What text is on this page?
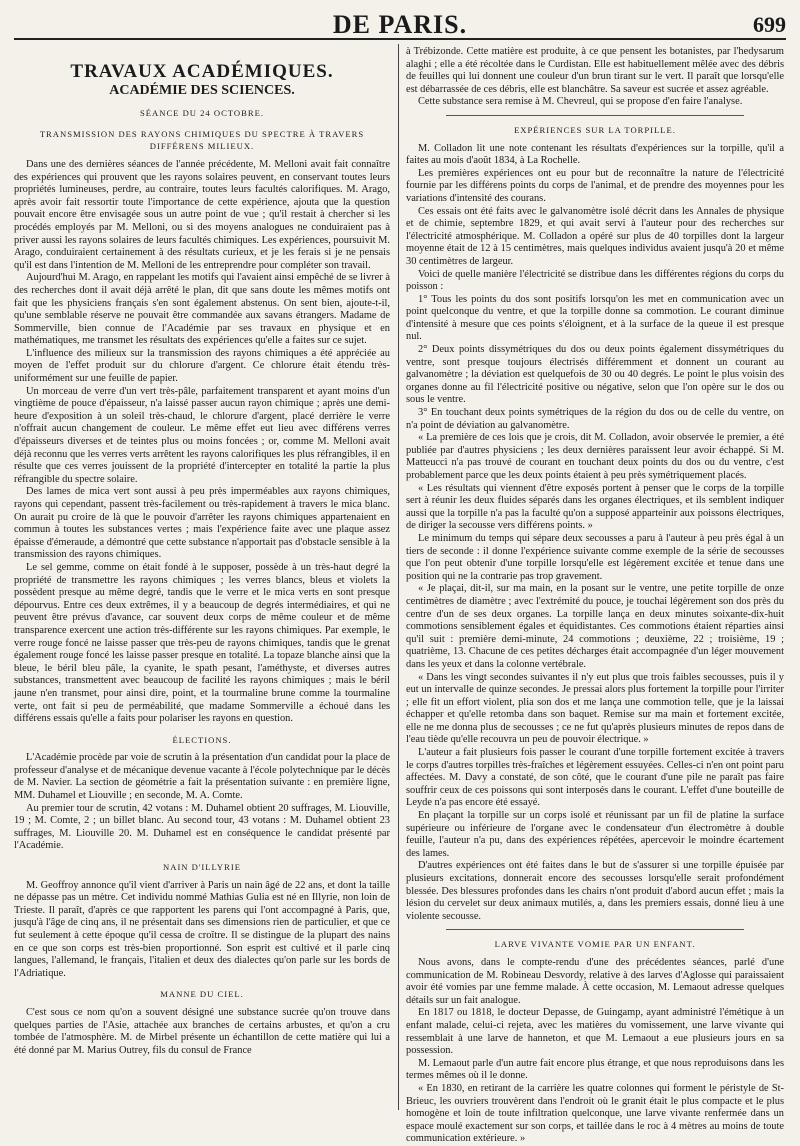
DE PARIS.	699
TRAVAUX ACADÉMIQUES.
ACADÉMIE DES SCIENCES.
SÉANCE DU 24 OCTOBRE.
TRANSMISSION DES RAYONS CHIMIQUES DU SPECTRE À TRAVERS DIFFÉRENS MILIEUX.

Dans une des dernières séances de l'année précédente, M. Melloni avait fait connaître des expériences qui prouvent que les rayons solaires peuvent, en conservant toutes leurs propriétés lumineuses, perdre, au contraire, toutes leurs facultés calorifiques. M. Arago, après avoir fait ressortir toute l'importance de cette expérience, ajouta que la question pouvait encore être envisagée sous un autre point de vue ; qu'il restait à chercher si les procédés employés par M. Melloni, ou si des moyens analogues ne conduiraient pas à priver aussi les rayons solaires de leurs facultés chimiques. Les expériences, poursuivit M. Arago, conduiraient certainement à des résultats curieux, et je les ferais si je ne pensais qu'il est dans l'intention de M. Melloni de les entreprendre pour compléter son travail.

Aujourd'hui M. Arago, en rappelant les motifs qui l'avaient ainsi empêché de se livrer à des recherches dont il avait déjà arrêté le plan, dit que sans doute les mêmes motifs ont fait que les physiciens français s'en sont également abstenus. On sent bien, ajoute-t-il, qu'une semblable réserve ne pouvait être commandée aux savans étrangers. Madame de Sommerville, bien connue de l'Académie par ses travaux en physique et en mathématiques, me transmet les résultats des expériences qu'elle a faites sur ce sujet.

L'influence des milieux sur la transmission des rayons chimiques a été appréciée au moyen de l'effet produit sur du chlorure d'argent. Ce chlorure était étendu très-uniformément sur une feuille de papier.

Un morceau de verre d'un vert très-pâle, parfaitement transparent et ayant moins d'un vingtième de pouce d'épaisseur, n'a laissé passer aucun rayon chimique ; après une demi-heure d'exposition à un soleil très-chaud, le chlorure d'argent, placé derrière le verre n'offrait aucun changement de couleur. Le même effet eut lieu avec différens verres d'épaisseurs diverses et de teintes plus ou moins foncées ; or, comme M. Melloni avait déjà reconnu que les verres verts arrêtent les rayons calorifiques les plus réfrangibles, il en résulte que ces verres jouissent de la propriété d'intercepter en totalité la partie la plus réfrangible du spectre solaire.

Des lames de mica vert sont aussi à peu près imperméables aux rayons chimiques, rayons qui cependant, passent très-facilement ou très-rapidement à travers le mica blanc. On aurait pu croire de là que le pouvoir d'arrêter les rayons chimiques appartenaient en commun à toutes les substances vertes ; mais l'expérience faite avec une plaque assez épaisse d'émeraude, a démontré que cette substance n'apportait pas d'obstacle sensible à la transmission des rayons chimiques.

Le sel gemme, comme on était fondé à le supposer, possède à un très-haut degré la propriété de transmettre les rayons chimiques ; les verres blancs, bleus et violets la possèdent presque au même degré, tandis que le verre et le mica verts en sont presque dépourvus. Entre ces deux extrêmes, il y a beaucoup de degrés intermédiaires, et qui ne peuvent être prévus d'avance, car souvent deux corps de même couleur et de même transparence exercent une action très-différente sur les rayons chimiques. Par exemple, le verre rouge foncé ne laisse passer que très-peu de rayons chimiques, tandis que le grenat également rouge foncé les laisse passer presque en totalité. La topaze blanche ainsi que la bleue, le béril bleu pâle, la cyanite, le spath pesant, l'améthyste, et diverses autres substances, transmettent avec beaucoup de facilité les rayons chimiques ; mais le béril jaune n'en transmet, pour ainsi dire, point, et la tourmaline brune comme la tourmaline verte, ont fait si peu de perméabilité, que madame Sommerville a échoué dans les différens essais qu'elle a faits pour polariser les rayons en question.

ÉLECTIONS.

L'Académie procède par voie de scrutin à la présentation d'un candidat pour la place de professeur d'analyse et de mécanique devenue vacante à l'école polytechnique par le décès de M. Navier. La section de géométrie a fait la présentation suivante : en première ligne, MM. Duhamel et Liouville ; en seconde, M. A. Comte.

Au premier tour de scrutin, 42 votans : M. Duhamel obtient 20 suffrages, M. Liouville, 19 ; M. Comte, 2 ; un billet blanc. Au second tour, 43 votans : M. Duhamel obtient 23 suffrages, M. Liouville 20. M. Duhamel est en conséquence le candidat présenté par l'Académie.

NAIN D'ILLYRIE

M. Geoffroy annonce qu'il vient d'arriver à Paris un nain âgé de 22 ans, et dont la taille ne dépasse pas un mètre. Cet individu nommé Mathias Gulia est né en Illyrie, non loin de Trieste. Il paraît, d'après ce que rapportent les parens qui l'ont accompagné à Paris, que, jusqu'à l'âge de cinq ans, il ne présentait dans ses dimensions rien de particulier, et que ce fut seulement à cette époque qu'il cessa de croître. Il se distingue de la plupart des nains en ce que son corps est très-bien proportionné. Son esprit est cultivé et il parle cinq langues, l'allemand, le français, l'italien et deux des dialectes qu'on parle sur les bords de l'Adriatique.

MANNE DU CIEL.

C'est sous ce nom qu'on a souvent désigné une substance sucrée qu'on trouve dans quelques parties de l'Asie, attachée aux branches de certains arbustes, et qu'on a cru tombée de l'atmosphère. M. de Mirbel présente un échantillon de cette matière qui lui a été donné par M. Marius Outrey, fils du consul de France

à Trébizonde. Cette matière est produite, à ce que pensent les botanistes, par l'hedysarum alaghi ; elle a été récoltée dans le Curdistan. Elle est habituellement mêlée avec des débris de feuilles qui lui donnent une couleur d'un brun tirant sur le vert. Il paraît que lorsqu'elle est débarrassée de ces débris, elle est blanchâtre. Sa saveur est sucrée et assez agréable.

Cette substance sera remise à M. Chevreul, qui se propose d'en faire l'analyse.

EXPÉRIENCES SUR LA TORPILLE.

M. Colladon lit une note contenant les résultats d'expériences sur la torpille, qu'il a faites au mois d'août 1834, à La Rochelle.

Les premières expériences ont eu pour but de reconnaître la nature de l'électricité fournie par les différens points du corps de l'animal, et de prendre des moyennes pour les variations d'intensité des courans.

Ces essais ont été faits avec le galvanomètre isolé décrit dans les Annales de physique et de chimie, septembre 1829, et qui avait servi à l'auteur pour des recherches sur l'électricité atmosphérique. M. Colladon a opéré sur plus de 40 torpilles dont la largeur moyenne était de 12 à 15 centimètres, mais quelques individus avaient jusqu'à 20 et même 30 centimètres de largeur.

Voici de quelle manière l'électricité se distribue dans les différentes régions du corps du poisson :

1° Tous les points du dos sont positifs lorsqu'on les met en communication avec un point quelconque du ventre, et que la torpille donne sa commotion. Le courant diminue d'intensité à mesure que ces points s'éloignent, et à la surface de la queue il est presque nul.

2° Deux points dissymétriques du dos ou deux points également dissymétriques du ventre, sont presque toujours électrisés différemment et donnent un courant au galvanomètre ; la déviation est quelquefois de 30 ou 40 degrés. Le point le plus voisin des organes donne au fil l'électricité positive ou négative, selon que l'on opère sur le dos ou sous le ventre.

3° En touchant deux points symétriques de la région du dos ou de celle du ventre, on n'a point de déviation au galvanomètre.

« La première de ces lois que je crois, dit M. Colladon, avoir observée le premier, a été publiée par d'autres physiciens ; les deux dernières paraissent leur avoir échappé. Si M. Matteucci n'a pas trouvé de courant en touchant deux points du dos ou du ventre, c'est probablement parce que les deux points étaient à peu près symétriquement placés.

« Les résultats qui viennent d'être exposés portent à penser que le corps de la torpille sert à réunir les deux fluides séparés dans les organes électriques, et ils semblent indiquer aussi que la torpille n'a pas la faculté qu'on a supposé apparteinir aux poissons électriques, de diriger la secousse vers différens points. »

Le minimum du temps qui sépare deux secousses a paru à l'auteur à peu près égal à un tiers de seconde : il donne l'expérience suivante comme exemple de la série de secousses que l'on peut obtenir d'une torpille lorsqu'elle est légèrement excitée et tenue dans une position qui ne la contrarie pas trop gravement.

« Je plaçai, dit-il, sur ma main, en la posant sur le ventre, une petite torpille de onze centimètres de diamètre ; avec l'extrémité du pouce, je touchai légèrement son dos près du centre d'un de ses deux organes. La torpille lança en deux minutes soixante-dix-huit commotions sensiblement égales et équidistantes. Ces commotions étaient réparties ainsi qu'il suit : première demi-minute, 24 commotions ; deuxième, 22 ; troisième, 19 ; quatrième, 13. Chacune de ces petites décharges était accompagnée d'un léger mouvement dans les yeux et dans la colonne vertébrale.

« Dans les vingt secondes suivantes il n'y eut plus que trois faibles secousses, puis il y eut un intervalle de quinze secondes. Je pressai alors plus fortement la torpille pour l'irriter ; elle fit un effort violent, plia son dos et me lança une commotion telle, que je la laissai échapper et qu'elle retomba dans son baquet. Remise sur ma main et fortement excitée, elle ne me donna plus de secousses ; ce ne fut qu'après plusieurs minutes de repos dans de l'eau tiède qu'elle recouvra un peu de pouvoir électrique. »

L'auteur a fait plusieurs fois passer le courant d'une torpille fortement excitée à travers le corps d'autres torpilles très-fraîches et légèrement essuyées. Celles-ci n'en ont point paru affectées. M. Davy a constaté, de son côté, que le courant d'une pile ne paraît pas faire souffrir ceux de ces poissons qui sont interposés dans le courant. L'effet d'une bouteille de Leyde n'a pas encore été essayé.

En plaçant la torpille sur un corps isolé et réunissant par un fil de platine la surface supérieure ou inférieure de l'organe avec le condensateur d'un électromètre à double feuille, l'auteur n'a pu, dans des expériences répétées, apercevoir le moindre écartement des lames.

D'autres expériences ont été faites dans le but de s'assurer si une torpille épuisée par plusieurs excitations, donnerait encore des secousses lorsqu'elle serait profondément blessée. Des blessures profondes dans les chairs n'ont produit d'abord aucun effet ; mais la lésion du cervelet sur deux animaux mutilés, a, dans les premiers essais, donné lieu à une violente secousse.

LARVE VIVANTE VOMIE PAR UN ENFANT.

Nous avons, dans le compte-rendu d'une des précédentes séances, parlé d'une communication de M. Robineau Desvordy, relative à des larves d'Aglosse qui paraissaient avoir été vomies par une femme malade. À cette occasion, M. Lemaout adresse quelques détails sur un fait analogue.

En 1817 ou 1818, le docteur Depasse, de Guingamp, ayant administré l'émétique à un enfant malade, celui-ci rejeta, avec les matières du vomissement, une larve vivante qui ressemblait à une larve de hanneton, et que M. Lemaout a eue plusieurs jours en sa possession.

M. Lemaout parle d'un autre fait encore plus étrange, et que nous reproduisons dans les termes mêmes où il le donne.

« En 1830, en retirant de la carrière les quatre colonnes qui forment le péristyle de St-Brieuc, les ouvriers trouvèrent dans l'endroit où le granit était le plus compacte et le plus homogène et loin de toute infiltration quelconque, une larve vivante renfermée dans un espace moulé exactement sur son corps, et taillée dans le roc à 4 mètres au moins de toute communication extérieure. »
